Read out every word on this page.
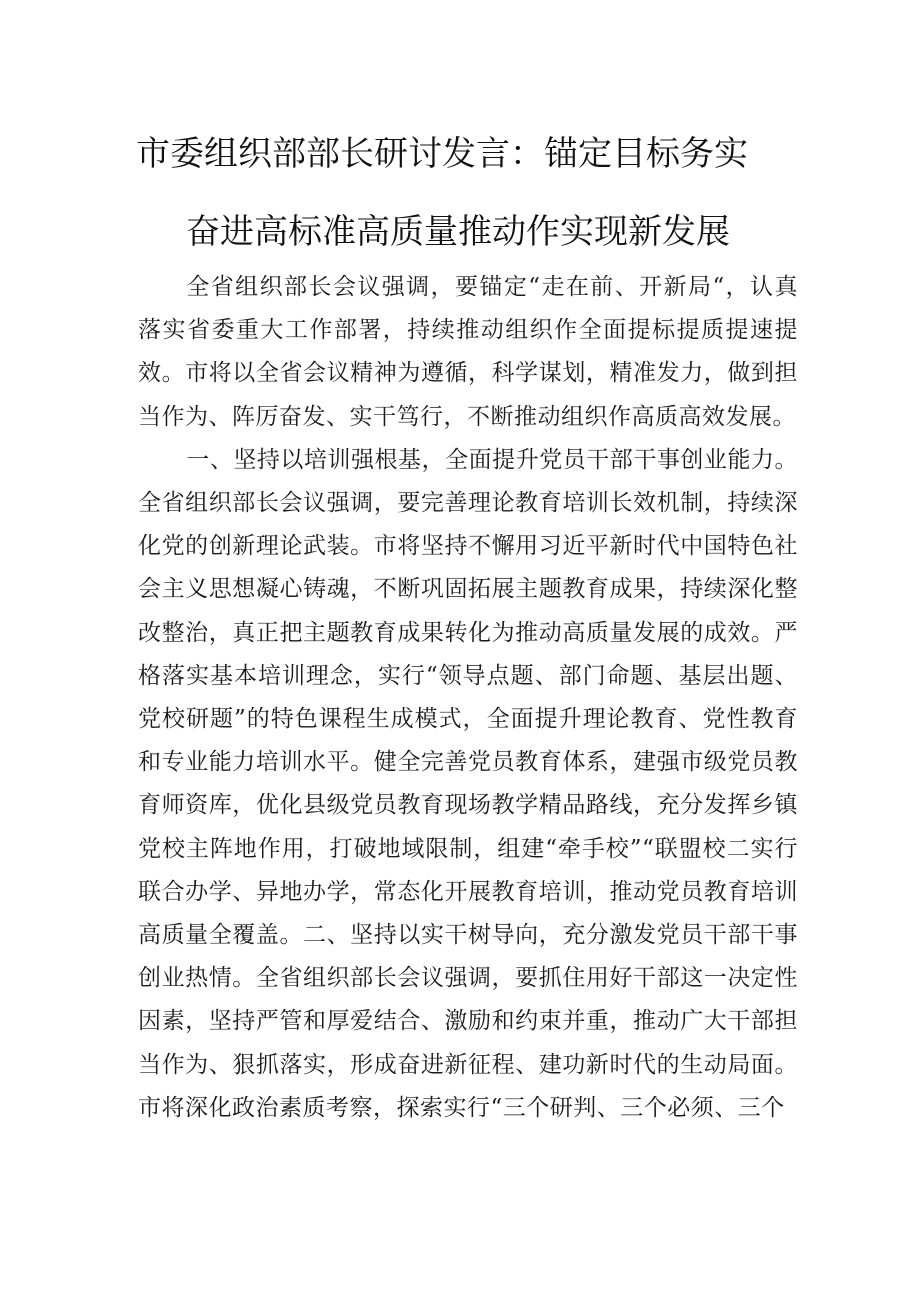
市委组织部部长研讨发言：锚定目标务实
奋进高标准高质量推动作实现新发展

全省组织部长会议强调，要锚定“走在前、开新局“，认真落实省委重大工作部署，持续推动组织作全面提标提质提速提效。市将以全省会议精神为遵循，科学谋划，精准发力，做到担当作为、阵厉奋发、实干笃行，不断推动组织作高质高效发展。

一、坚持以培训强根基，全面提升党员干部干事创业能力。全省组织部长会议强调，要完善理论教育培训长效机制，持续深化党的创新理论武装。市将坚持不懈用习近平新时代中国特色社会主义思想凝心铸魂，不断巩固拓展主题教育成果，持续深化整改整治，真正把主题教育成果转化为推动高质量发展的成效。严格落实基本培训理念，实行“领导点题、部门命题、基层出题、党校研题”的特色课程生成模式，全面提升理论教育、党性教育和专业能力培训水平。健全完善党员教育体系，建强市级党员教育师资库，优化县级党员教育现场教学精品路线，充分发挥乡镇党校主阵地作用，打破地域限制，组建“牵手校”“联盟校二实行联合办学、异地办学，常态化开展教育培训，推动党员教育培训高质量全覆盖。二、坚持以实干树导向，充分激发党员干部干事创业热情。全省组织部长会议强调，要抓住用好干部这一决定性因素，坚持严管和厚爱结合、激励和约束并重，推动广大干部担当作为、狠抓落实，形成奋进新征程、建功新时代的生动局面。市将深化政治素质考察，探索实行“三个研判、三个必须、三个
